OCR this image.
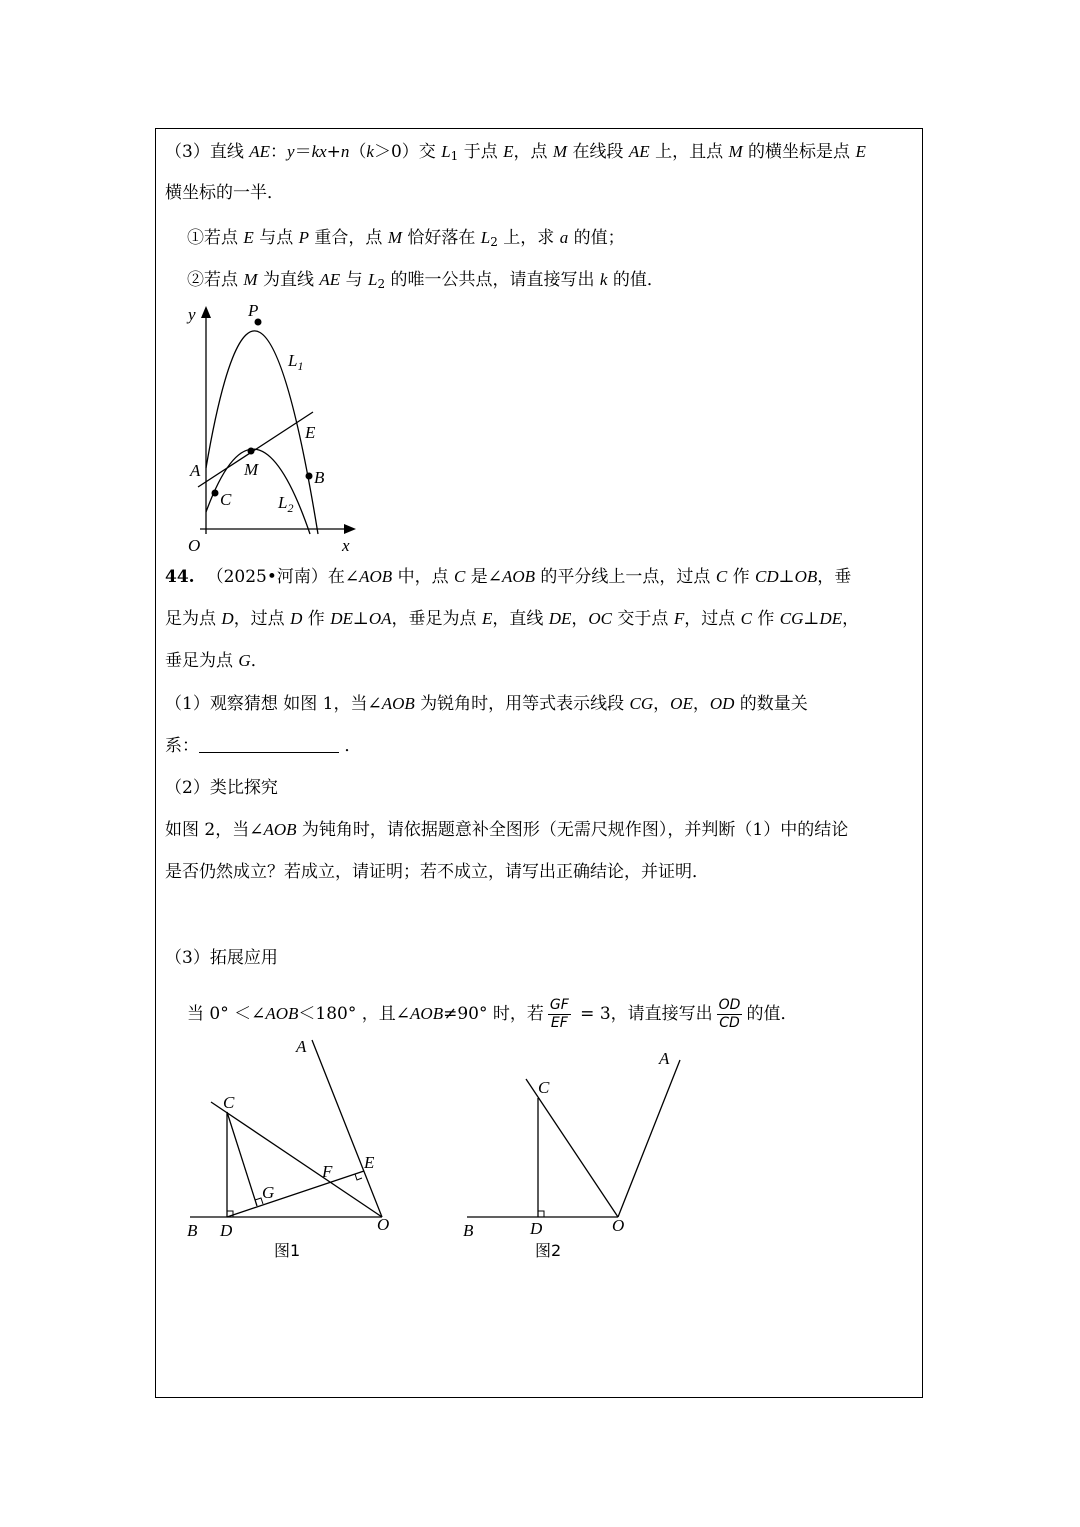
（3）直线 AE：y＝kx+n（k＞0）交 $L_1$ 于点 E，点 M 在线段 AE 上，且点 M 的横坐标是点 E
横坐标的一半．
①若点 E 与点 P 重合，点 M 恰好落在 $L_2$ 上，求 a 的值；
②若点 M 为直线 AE 与 $L_2$ 的唯一公共点，请直接写出 k 的值．
y	P
$L_1$
E
A	M	B
C	$L_2$
O	x
44. （2025•河南）在∠AOB 中，点 C 是∠AOB 的平分线上一点，过点 C 作 CD⊥OB，垂
足为点 D，过点 D 作 DE⊥OA，垂足为点 E，直线 DE，OC 交于点 F，过点 C 作 CG⊥DE，
垂足为点 G．
（1）观察猜想 如图 1，当∠AOB 为锐角时，用等式表示线段 CG，OE，OD 的数量关
系：	．
（2）类比探究
如图 2，当∠AOB 为钝角时，请依据题意补全图形（无需尺规作图），并判断（1）中的结论
是否仍然成立？若成立，请证明；若不成立，请写出正确结论，并证明．
（3）拓展应用
当 0° ＜∠AOB＜180° ，且∠AOB≠90° 时，若 $\frac{GF}{EF} = 3$，请直接写出 $\frac{OD}{CD}$ 的值．
A
C
E
F
G
B D	O
图1
A
C
B	D	O
图2
